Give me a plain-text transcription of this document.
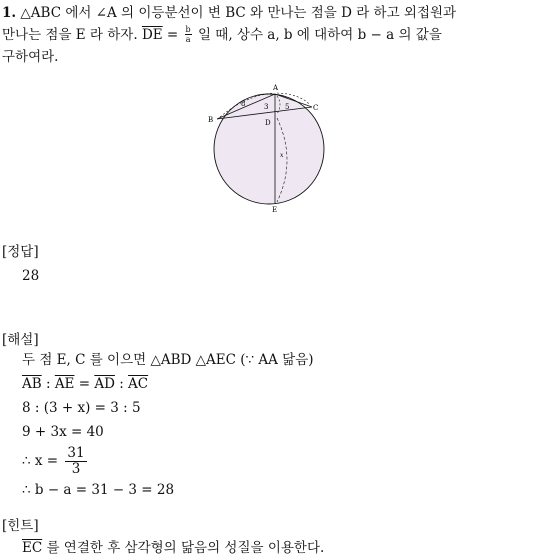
1. △ABC 에서 ∠A 의 이등분선이 변 BC 와 만나는 점을 D 라 하고 외접원과
만나는 점을 E 라 하자. $\overline{DE} = \frac{b}{a}$ 일 때, 상수 a, b 에 대하여 b − a 의 값을
구하여라.
A
B
C
D
E
8	3 5
x
[정답]
28
[해설]
두 점 E, C 를 이으면 △ABD △AEC (∵ AA 닮음)
$\overline{AB}$ : $\overline{AE} = \overline{AD}$ : $\overline{AC}$
8 : (3 + x) = 3 : 5
9 + 3x = 40
∴ $x = \frac{31}{3}$
∴ b − a = 31 − 3 = 28
[힌트]
$\overline{EC}$ 를 연결한 후 삼각형의 닮음의 성질을 이용한다.
